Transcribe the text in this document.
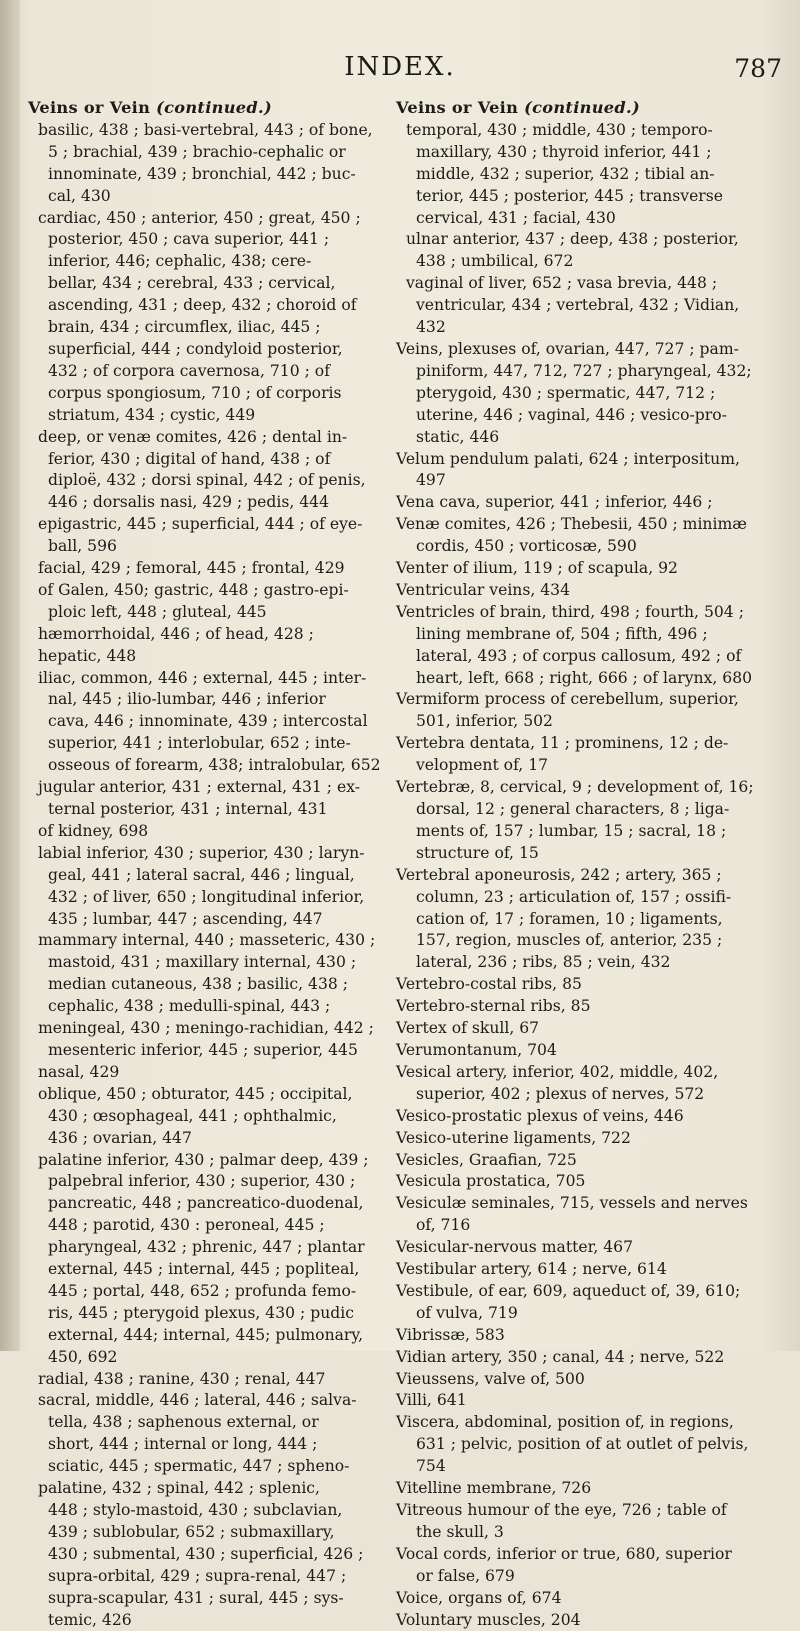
INDEX.	787
Veins or Vein (continued.)
basilic, 438 ; basi-vertebral, 443 ; of bone,
5 ; brachial, 439 ; brachio-cephalic or
innominate, 439 ; bronchial, 442 ; buc-
cal, 430
cardiac, 450 ; anterior, 450 ; great, 450 ;
posterior, 450 ; cava superior, 441 ;
inferior, 446; cephalic, 438; cere-
bellar, 434 ; cerebral, 433 ; cervical,
ascending, 431 ; deep, 432 ; choroid of
brain, 434 ; circumflex, iliac, 445 ;
superficial, 444 ; condyloid posterior,
432 ; of corpora cavernosa, 710 ; of
corpus spongiosum, 710 ; of corporis
striatum, 434 ; cystic, 449
deep, or venæ comites, 426 ; dental in-
ferior, 430 ; digital of hand, 438 ; of
diploë, 432 ; dorsi spinal, 442 ; of penis,
446 ; dorsalis nasi, 429 ; pedis, 444
epigastric, 445 ; superficial, 444 ; of eye-
ball, 596
facial, 429 ; femoral, 445 ; frontal, 429
of Galen, 450; gastric, 448 ; gastro-epi-
ploic left, 448 ; gluteal, 445
hæmorrhoidal, 446 ; of head, 428 ;
hepatic, 448
iliac, common, 446 ; external, 445 ; inter-
nal, 445 ; ilio-lumbar, 446 ; inferior
cava, 446 ; innominate, 439 ; intercostal
superior, 441 ; interlobular, 652 ; inte-
osseous of forearm, 438; intralobular, 652
jugular anterior, 431 ; external, 431 ; ex-
ternal posterior, 431 ; internal, 431
of kidney, 698
labial inferior, 430 ; superior, 430 ; laryn-
geal, 441 ; lateral sacral, 446 ; lingual,
432 ; of liver, 650 ; longitudinal inferior,
435 ; lumbar, 447 ; ascending, 447
mammary internal, 440 ; masseteric, 430 ;
mastoid, 431 ; maxillary internal, 430 ;
median cutaneous, 438 ; basilic, 438 ;
cephalic, 438 ; medulli-spinal, 443 ;
meningeal, 430 ; meningo-rachidian, 442 ;
mesenteric inferior, 445 ; superior, 445
nasal, 429
oblique, 450 ; obturator, 445 ; occipital,
430 ; œsophageal, 441 ; ophthalmic,
436 ; ovarian, 447
palatine inferior, 430 ; palmar deep, 439 ;
palpebral inferior, 430 ; superior, 430 ;
pancreatic, 448 ; pancreatico-duodenal,
448 ; parotid, 430 : peroneal, 445 ;
pharyngeal, 432 ; phrenic, 447 ; plantar
external, 445 ; internal, 445 ; popliteal,
445 ; portal, 448, 652 ; profunda femo-
ris, 445 ; pterygoid plexus, 430 ; pudic
external, 444; internal, 445; pulmonary,
450, 692
radial, 438 ; ranine, 430 ; renal, 447
sacral, middle, 446 ; lateral, 446 ; salva-
tella, 438 ; saphenous external, or
short, 444 ; internal or long, 444 ;
sciatic, 445 ; spermatic, 447 ; spheno-
palatine, 432 ; spinal, 442 ; splenic,
448 ; stylo-mastoid, 430 ; subclavian,
439 ; sublobular, 652 ; submaxillary,
430 ; submental, 430 ; superficial, 426 ;
supra-orbital, 429 ; supra-renal, 447 ;
supra-scapular, 431 ; sural, 445 ; sys-
temic, 426
Veins or Vein (continued.)
temporal, 430 ; middle, 430 ; temporo-
maxillary, 430 ; thyroid inferior, 441 ;
middle, 432 ; superior, 432 ; tibial an-
terior, 445 ; posterior, 445 ; transverse
cervical, 431 ; facial, 430
ulnar anterior, 437 ; deep, 438 ; posterior,
438 ; umbilical, 672
vaginal of liver, 652 ; vasa brevia, 448 ;
ventricular, 434 ; vertebral, 432 ; Vidian,
432
Veins, plexuses of, ovarian, 447, 727 ; pam-
piniform, 447, 712, 727 ; pharyngeal, 432;
pterygoid, 430 ; spermatic, 447, 712 ;
uterine, 446 ; vaginal, 446 ; vesico-pro-
static, 446
Velum pendulum palati, 624 ; interpositum,
497
Vena cava, superior, 441 ; inferior, 446 ;
Venæ comites, 426 ; Thebesii, 450 ; minimæ
cordis, 450 ; vorticosæ, 590
Venter of ilium, 119 ; of scapula, 92
Ventricular veins, 434
Ventricles of brain, third, 498 ; fourth, 504 ;
lining membrane of, 504 ; fifth, 496 ;
lateral, 493 ; of corpus callosum, 492 ; of
heart, left, 668 ; right, 666 ; of larynx, 680
Vermiform process of cerebellum, superior,
501, inferior, 502
Vertebra dentata, 11 ; prominens, 12 ; de-
velopment of, 17
Vertebræ, 8, cervical, 9 ; development of, 16;
dorsal, 12 ; general characters, 8 ; liga-
ments of, 157 ; lumbar, 15 ; sacral, 18 ;
structure of, 15
Vertebral aponeurosis, 242 ; artery, 365 ;
column, 23 ; articulation of, 157 ; ossifi-
cation of, 17 ; foramen, 10 ; ligaments,
157, region, muscles of, anterior, 235 ;
lateral, 236 ; ribs, 85 ; vein, 432
Vertebro-costal ribs, 85
Vertebro-sternal ribs, 85
Vertex of skull, 67
Verumontanum, 704
Vesical artery, inferior, 402, middle, 402,
superior, 402 ; plexus of nerves, 572
Vesico-prostatic plexus of veins, 446
Vesico-uterine ligaments, 722
Vesicles, Graafian, 725
Vesicula prostatica, 705
Vesiculæ seminales, 715, vessels and nerves
of, 716
Vesicular-nervous matter, 467
Vestibular artery, 614 ; nerve, 614
Vestibule, of ear, 609, aqueduct of, 39, 610;
of vulva, 719
Vibrissæ, 583
Vidian artery, 350 ; canal, 44 ; nerve, 522
Vieussens, valve of, 500
Villi, 641
Viscera, abdominal, position of, in regions,
631 ; pelvic, position of at outlet of pelvis,
754
Vitelline membrane, 726
Vitreous humour of the eye, 726 ; table of
the skull, 3
Vocal cords, inferior or true, 680, superior
or false, 679
Voice, organs of, 674
Voluntary muscles, 204
